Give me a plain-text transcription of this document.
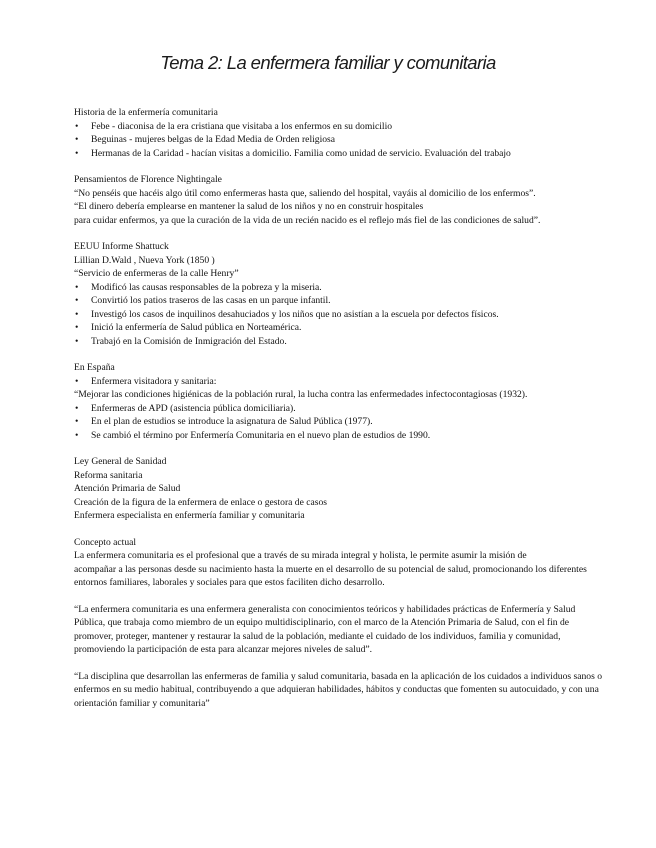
Tema 2: La enfermera familiar y comunitaria
Historia de la enfermería comunitaria
• Febe - diaconisa de la era cristiana que visitaba a los enfermos en su domicilio
• Beguinas - mujeres belgas de la Edad Media de Orden religiosa
• Hermanas de la Caridad - hacían visitas a domicilio. Familia como unidad de servicio. Evaluación del trabajo
Pensamientos de Florence Nightingale
“No penséis que hacéis algo útil como enfermeras hasta que, saliendo del hospital, vayáis al domicilio de los enfermos”.
“El dinero debería emplearse en mantener la salud de los niños y no en construir hospitales
para cuidar enfermos, ya que la curación de la vida de un recién nacido es el reflejo más fiel de las condiciones de salud”.
EEUU Informe Shattuck
Lillian D.Wald , Nueva York (1850 )
“Servicio de enfermeras de la calle Henry”
• Modificó las causas responsables de la pobreza y la miseria.
• Convirtió los patios traseros de las casas en un parque infantil.
• Investigó los casos de inquilinos desahuciados y los niños que no asistían a la escuela por defectos físicos.
• Inició la enfermería de Salud pública en Norteamérica.
• Trabajó en la Comisión de Inmigración del Estado.
En España
• Enfermera visitadora y sanitaria:
“Mejorar las condiciones higiénicas de la población rural, la lucha contra las enfermedades infectocontagiosas (1932).
• Enfermeras de APD (asistencia pública domiciliaria).
• En el plan de estudios se introduce la asignatura de Salud Pública (1977).
• Se cambió el término por Enfermería Comunitaria en el nuevo plan de estudios de 1990.
Ley General de Sanidad
Reforma sanitaria
Atención Primaria de Salud
Creación de la figura de la enfermera de enlace o gestora de casos
Enfermera especialista en enfermería familiar y comunitaria
Concepto actual
La enfermera comunitaria es el profesional que a través de su mirada integral y holista, le permite asumir la misión de
acompañar a las personas desde su nacimiento hasta la muerte en el desarrollo de su potencial de salud, promocionando los diferentes entornos familiares, laborales y sociales para que estos faciliten dicho desarrollo.
“La enfermera comunitaria es una enfermera generalista con conocimientos teóricos y habilidades prácticas de Enfermería y Salud Pública, que trabaja como miembro de un equipo multidisciplinario, con el marco de la Atención Primaria de Salud, con el fin de promover, proteger, mantener y restaurar la salud de la población, mediante el cuidado de los individuos, familia y comunidad, promoviendo la participación de esta para alcanzar mejores niveles de salud”.
“La disciplina que desarrollan las enfermeras de familia y salud comunitaria, basada en la aplicación de los cuidados a individuos sanos o enfermos en su medio habitual, contribuyendo a que adquieran habilidades, hábitos y conductas que fomenten su autocuidado, y con una orientación familiar y comunitaria”
